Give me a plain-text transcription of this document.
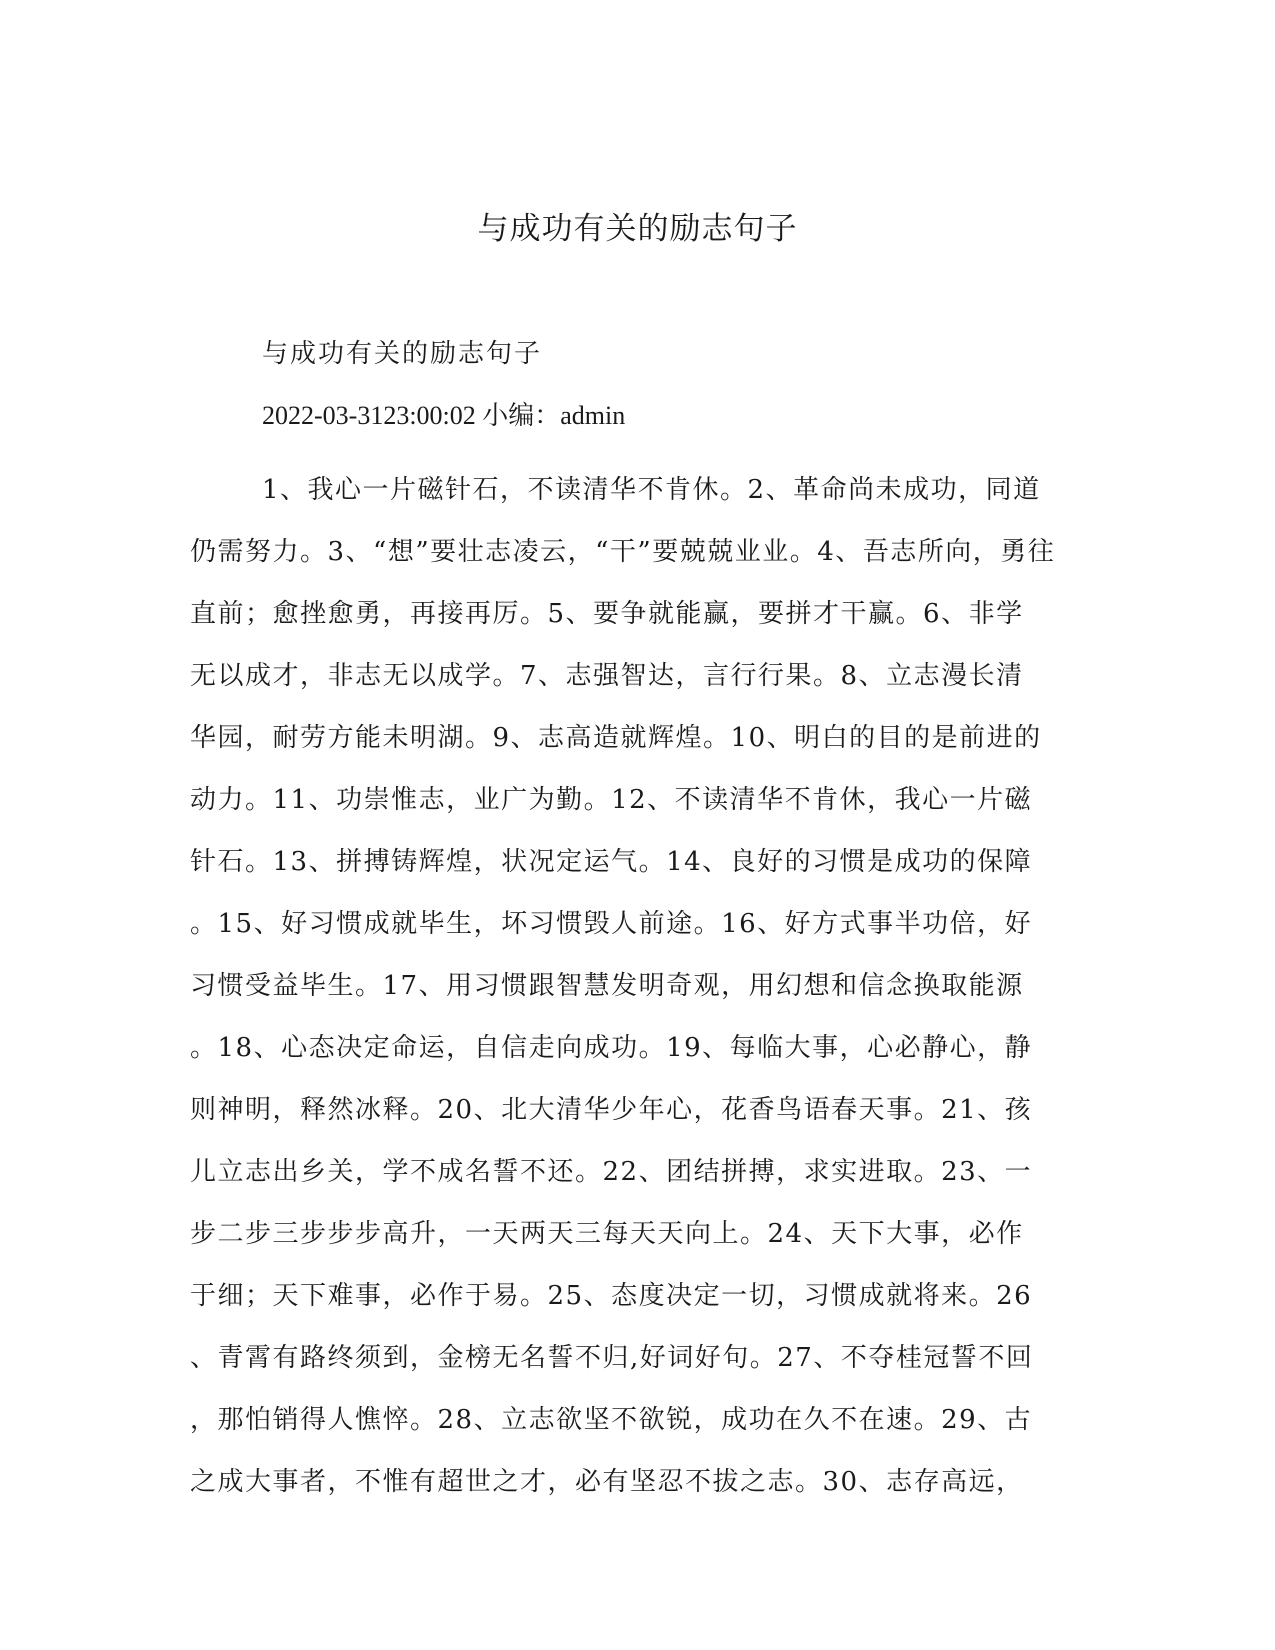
与成功有关的励志句子

与成功有关的励志句子

2022-03-3123:00:02 小编：admin

1、我心一片磁针石，不读清华不肯休。2、革命尚未成功，同道
仍需努力。3、“想”要壮志凌云，“干”要兢兢业业。4、吾志所向，勇往
直前；愈挫愈勇，再接再厉。5、要争就能赢，要拼才干赢。6、非学
无以成才，非志无以成学。7、志强智达，言行行果。8、立志漫长清
华园，耐劳方能未明湖。9、志高造就辉煌。10、明白的目的是前进的
动力。11、功崇惟志，业广为勤。12、不读清华不肯休，我心一片磁
针石。13、拼搏铸辉煌，状况定运气。14、良好的习惯是成功的保障
。15、好习惯成就毕生，坏习惯毁人前途。16、好方式事半功倍，好
习惯受益毕生。17、用习惯跟智慧发明奇观，用幻想和信念换取能源
。18、心态决定命运，自信走向成功。19、每临大事，心必静心，静
则神明，释然冰释。20、北大清华少年心，花香鸟语春天事。21、孩
儿立志出乡关，学不成名誓不还。22、团结拼搏，求实进取。23、一
步二步三步步步高升，一天两天三每天天向上。24、天下大事，必作
于细；天下难事，必作于易。25、态度决定一切，习惯成就将来。26
、青霄有路终须到，金榜无名誓不归,好词好句。27、不夺桂冠誓不回
，那怕销得人憔悴。28、立志欲坚不欲锐，成功在久不在速。29、古
之成大事者，不惟有超世之才，必有坚忍不拔之志。30、志存高远，
